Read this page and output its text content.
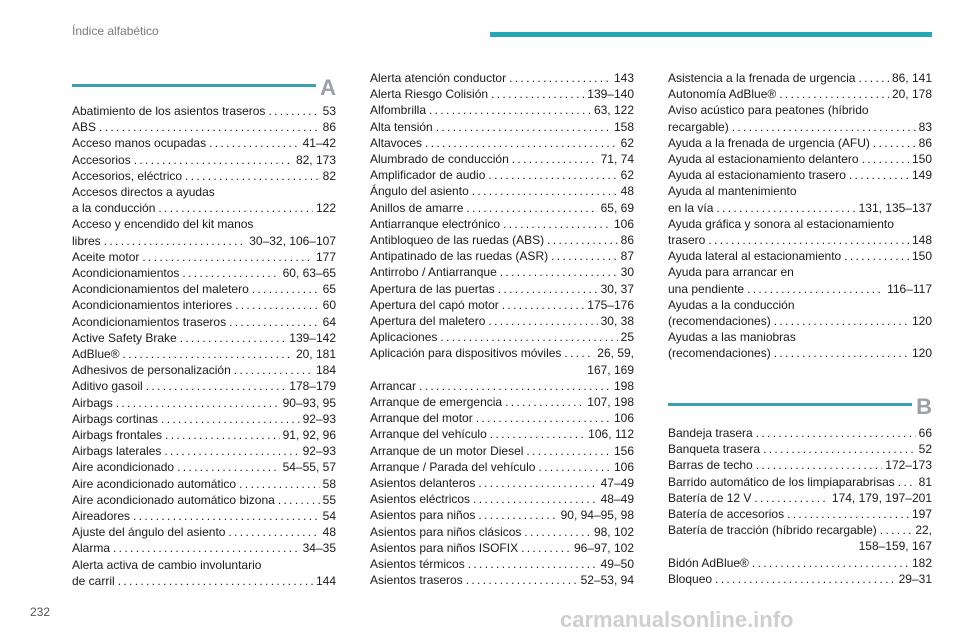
Índice alfabético
A
Abatimiento de los asientos traseros . . .	53
ABS . . .	86
Acceso manos ocupadas . . .	41–42
Accesorios . . .	82, 173
Accesorios, eléctrico . . .	82
Accesos directos a ayudas
a la conducción . . .	122
Acceso y encendido del kit manos
libres . . .	30–32, 106–107
Aceite motor . . .	177
Acondicionamientos . . .	60, 63–65
Acondicionamientos del maletero . . .	65
Acondicionamientos interiores . . .	60
Acondicionamientos traseros . . .	64
Active Safety Brake . . .	139–142
AdBlue® . . .	20, 181
Adhesivos de personalización . . .	184
Aditivo gasoil . . .	178–179
Airbags . . .	90–93, 95
Airbags cortinas . . .	92–93
Airbags frontales . . .	91, 92, 96
Airbags laterales . . .	92–93
Aire acondicionado . . .	54–55, 57
Aire acondicionado automático . . .	58
Aire acondicionado automático bizona . . .	55
Aireadores . . .	54
Ajuste del ángulo del asiento . . .	48
Alarma . . .	34–35
Alerta activa de cambio involuntario
de carril . . .	144
Alerta atención conductor . . .	143
Alerta Riesgo Colisión . . .	139–140
Alfombrilla . . .	63, 122
Alta tensión . . .	158
Altavoces . . .	62
Alumbrado de conducción . . .	71, 74
Amplificador de audio . . .	62
Ángulo del asiento . . .	48
Anillos de amarre . . .	65, 69
Antiarranque electrónico . . .	106
Antibloqueo de las ruedas (ABS) . . .	86
Antipatinado de las ruedas (ASR) . . .	87
Antirrobo / Antiarranque . . .	30
Apertura de las puertas . . .	30, 37
Apertura del capó motor . . .	175–176
Apertura del maletero . . .	30, 38
Aplicaciones . . .	25
Aplicación para dispositivos móviles . . .	26, 59,
167, 169
Arrancar . . .	198
Arranque de emergencia . . .	107, 198
Arranque del motor . . .	106
Arranque del vehículo . . .	106, 112
Arranque de un motor Diesel . . .	156
Arranque / Parada del vehículo . . .	106
Asientos delanteros . . .	47–49
Asientos eléctricos . . .	48–49
Asientos para niños . . .	90, 94–95, 98
Asientos para niños clásicos . . .	98, 102
Asientos para niños ISOFIX . . .	96–97, 102
Asientos térmicos . . .	49–50
Asientos traseros . . .	52–53, 94
Asistencia a la frenada de urgencia . . .	86, 141
Autonomía AdBlue® . . .	20, 178
Aviso acústico para peatones (híbrido
recargable) . . .	83
Ayuda a la frenada de urgencia (AFU) . . .	86
Ayuda al estacionamiento delantero . . .	150
Ayuda al estacionamiento trasero . . .	149
Ayuda al mantenimiento
en la vía . . .	131, 135–137
Ayuda gráfica y sonora al estacionamiento
trasero . . .	148
Ayuda lateral al estacionamiento . . .	150
Ayuda para arrancar en
una pendiente . . .	116–117
Ayudas a la conducción
(recomendaciones) . . .	120
Ayudas a las maniobras
(recomendaciones) . . .	120
B
Bandeja trasera . . .	66
Banqueta trasera . . .	52
Barras de techo . . .	172–173
Barrido automático de los limpiaparabrisas . . . 81
Batería de 12 V . . .	174, 179, 197–201
Batería de accesorios . . .	197
Batería de tracción (híbrido recargable) . . .	22,
158–159, 167
Bidón AdBlue® . . .	182
Bloqueo . . .	29–31
232	carmanualsonline.info
